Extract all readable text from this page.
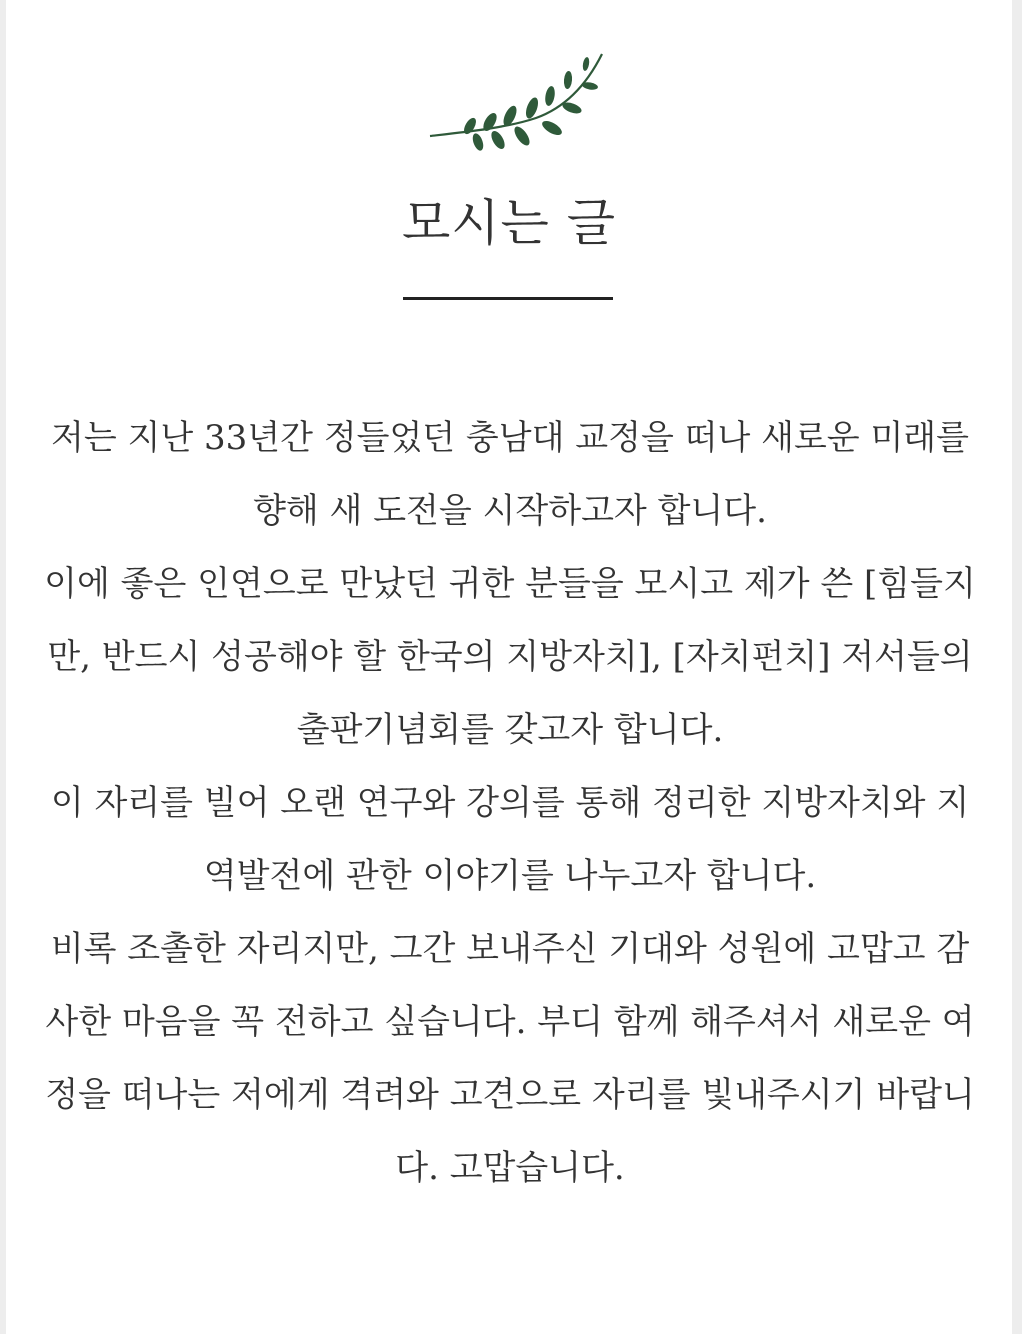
모시는 글

저는 지난 33년간 정들었던 충남대 교정을 떠나 새로운 미래를 향해 새 도전을 시작하고자 합니다.

이에 좋은 인연으로 만났던 귀한 분들을 모시고 제가 쓴 [힘들지만, 반드시 성공해야 할 한국의 지방자치], [자치펀치] 저서들의 출판기념회를 갖고자 합니다.

이 자리를 빌어 오랜 연구와 강의를 통해 정리한 지방자치와 지역발전에 관한 이야기를 나누고자 합니다.

비록 조촐한 자리지만, 그간 보내주신 기대와 성원에 고맙고 감사한 마음을 꼭 전하고 싶습니다. 부디 함께 해주셔서 새로운 여정을 떠나는 저에게 격려와 고견으로 자리를 빛내주시기 바랍니다. 고맙습니다.
